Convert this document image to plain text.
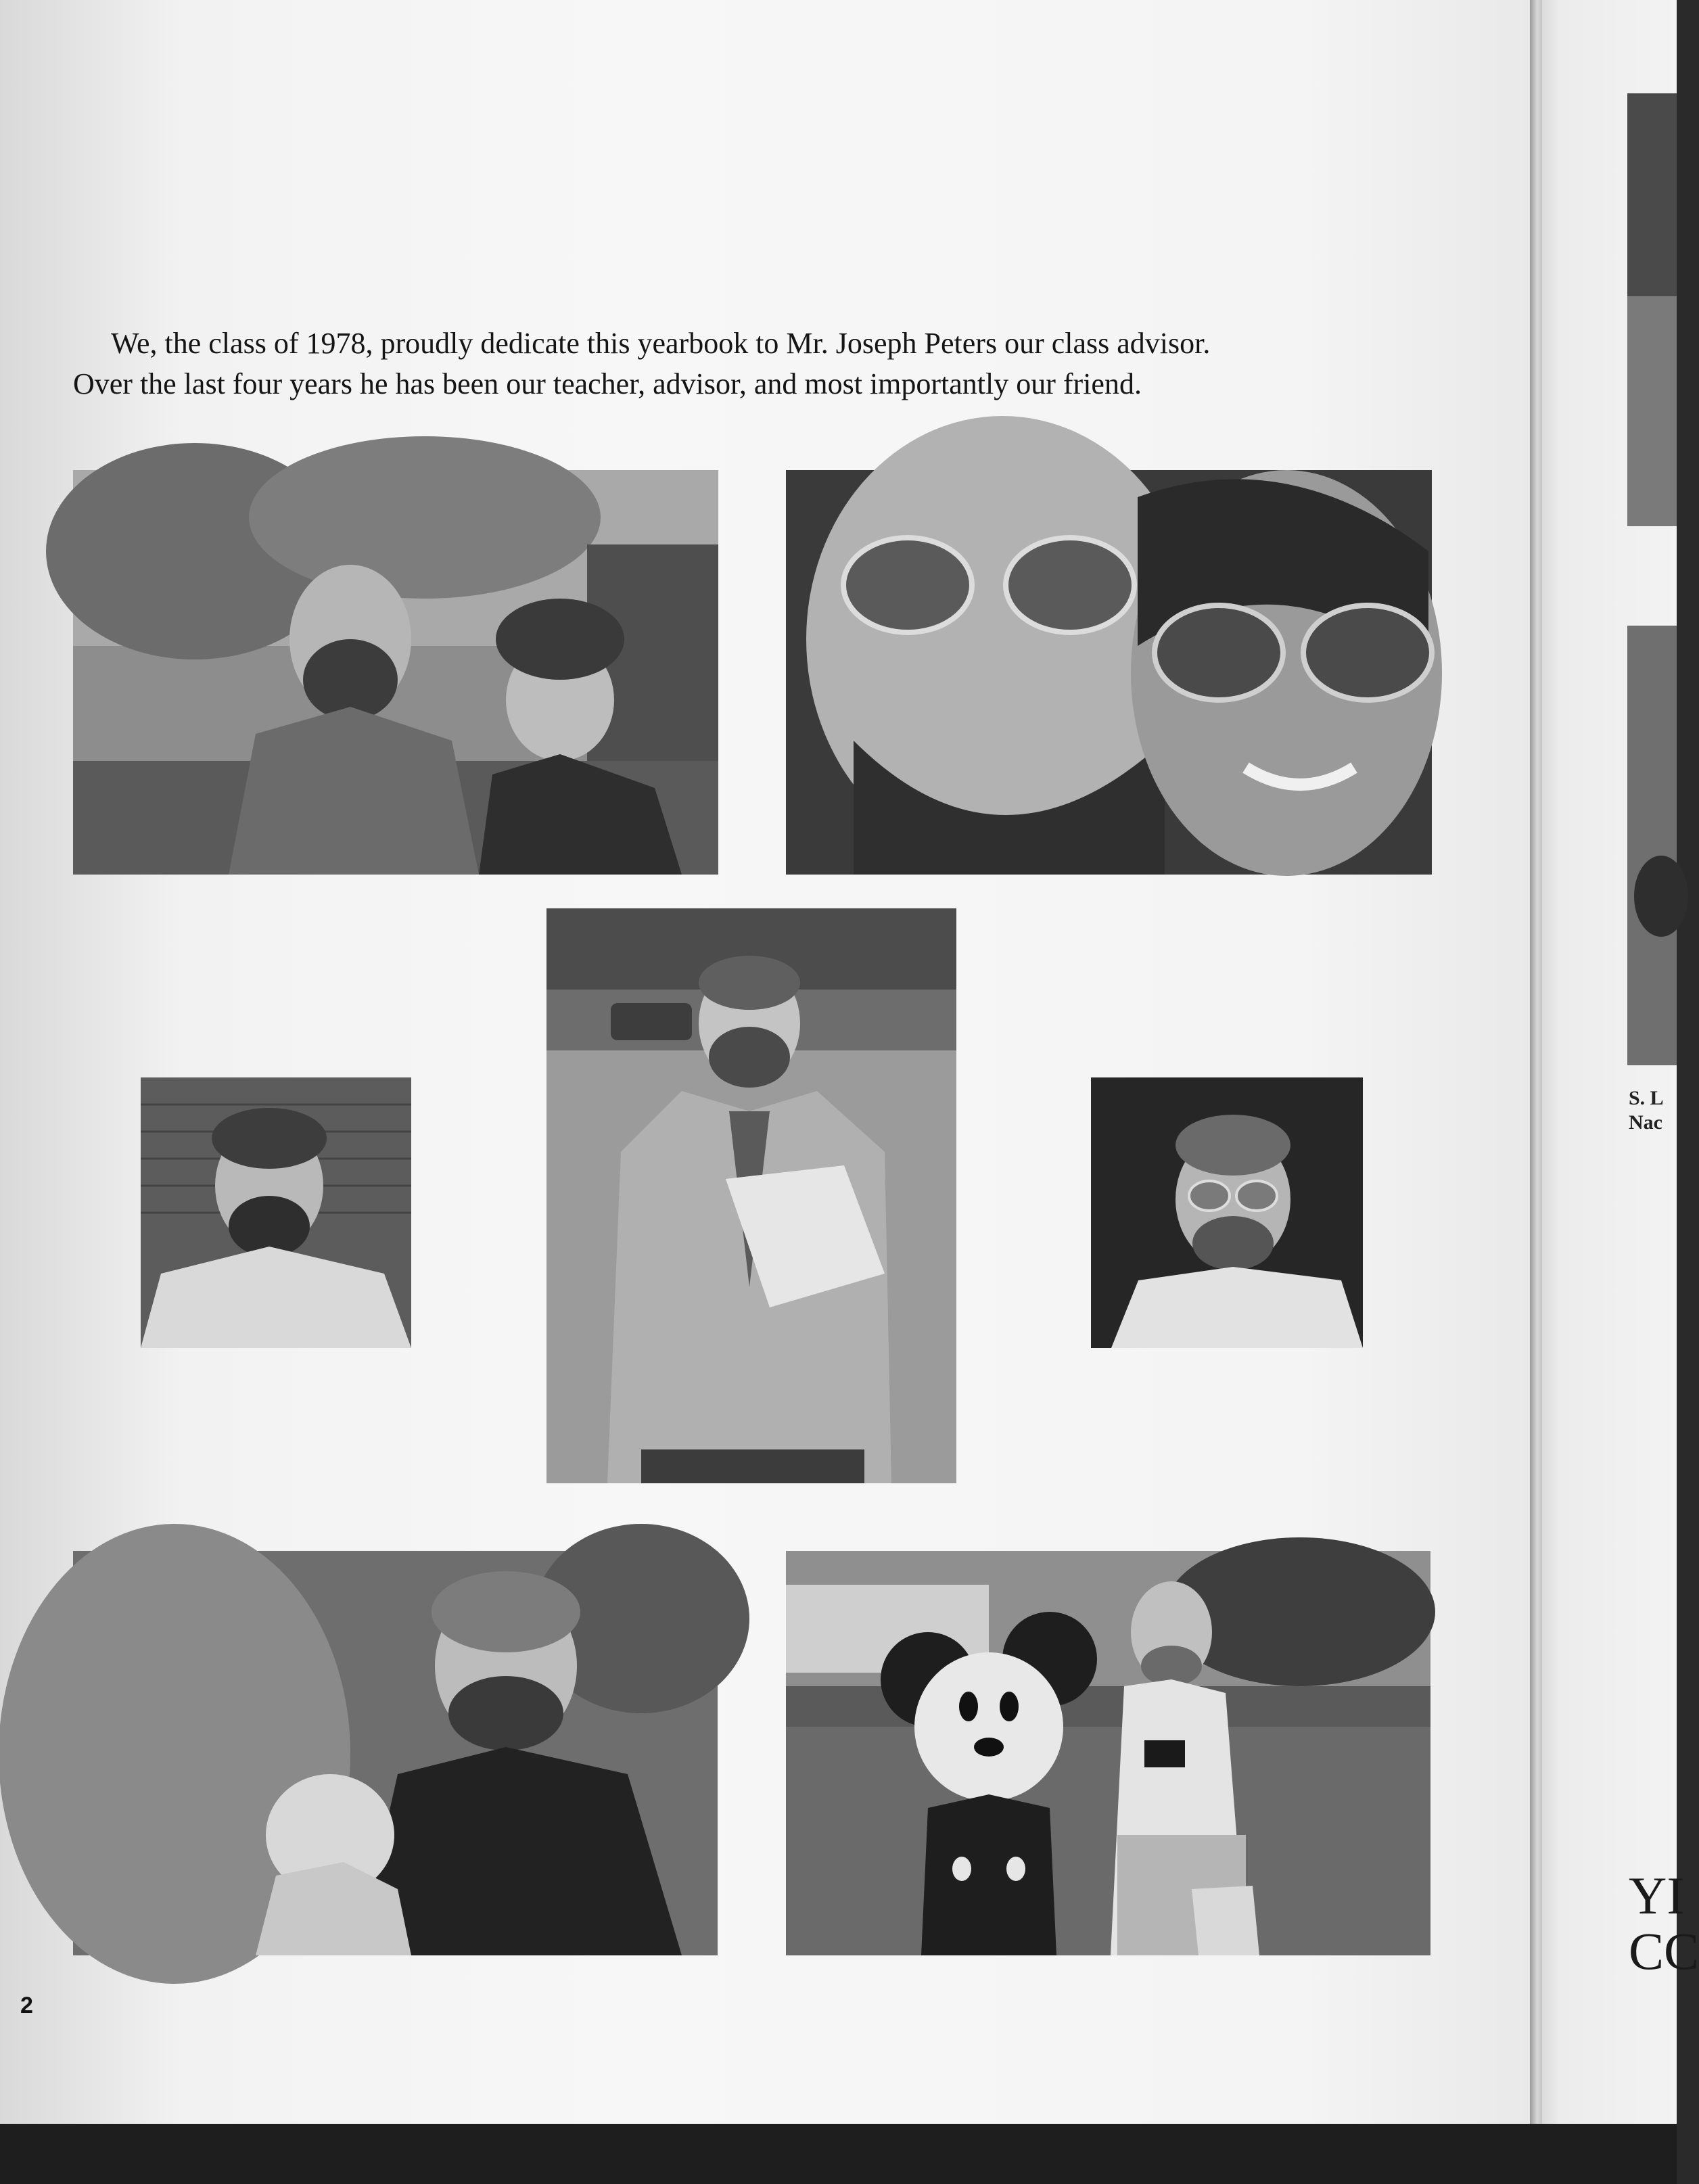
We, the class of 1978, proudly dedicate this yearbook to Mr. Joseph Peters our class advisor.

Over the last four years he has been our teacher, advisor, and most importantly our friend.

2
S. L
Nac
YI
CC
